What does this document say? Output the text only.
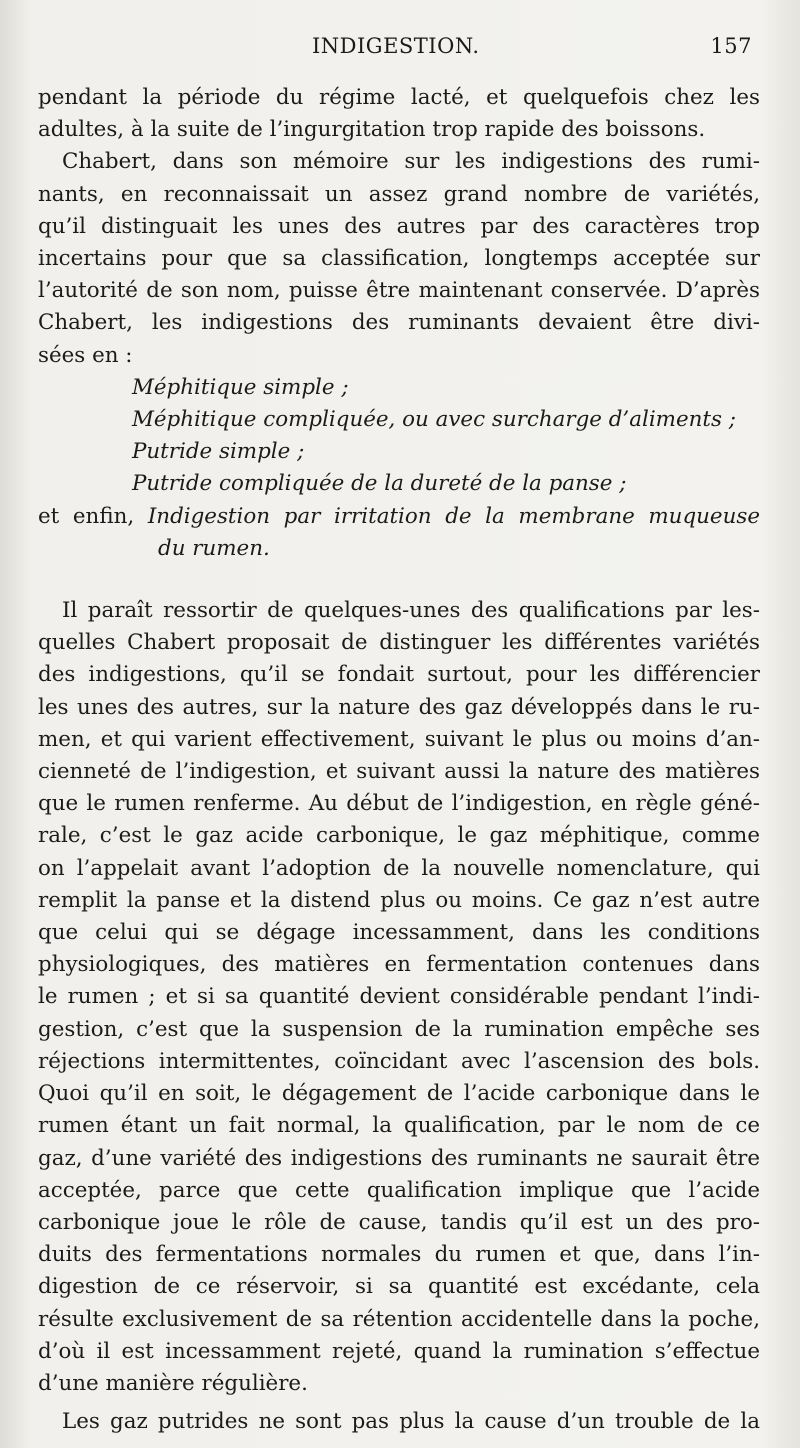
INDIGESTION.	157
pendant la période du régime lacté, et quelquefois chez les
adultes, à la suite de l’ingurgitation trop rapide des boissons.
Chabert, dans son mémoire sur les indigestions des rumi-
nants, en reconnaissait un assez grand nombre de variétés,
qu’il distinguait les unes des autres par des caractères trop
incertains pour que sa classification, longtemps acceptée sur
l’autorité de son nom, puisse être maintenant conservée. D’après
Chabert, les indigestions des ruminants devaient être divi-
sées en :
Méphitique simple ;
Méphitique compliquée, ou avec surcharge d’aliments ;
Putride simple ;
Putride compliquée de la dureté de la panse ;
et enfin, Indigestion par irritation de la membrane muqueuse
du rumen.
Il paraît ressortir de quelques-unes des qualifications par les-
quelles Chabert proposait de distinguer les différentes variétés
des indigestions, qu’il se fondait surtout, pour les différencier
les unes des autres, sur la nature des gaz développés dans le ru-
men, et qui varient effectivement, suivant le plus ou moins d’an-
cienneté de l’indigestion, et suivant aussi la nature des matières
que le rumen renferme. Au début de l’indigestion, en règle géné-
rale, c’est le gaz acide carbonique, le gaz méphitique, comme
on l’appelait avant l’adoption de la nouvelle nomenclature, qui
remplit la panse et la distend plus ou moins. Ce gaz n’est autre
que celui qui se dégage incessamment, dans les conditions
physiologiques, des matières en fermentation contenues dans
le rumen ; et si sa quantité devient considérable pendant l’indi-
gestion, c’est que la suspension de la rumination empêche ses
réjections intermittentes, coïncidant avec l’ascension des bols.
Quoi qu’il en soit, le dégagement de l’acide carbonique dans le
rumen étant un fait normal, la qualification, par le nom de ce
gaz, d’une variété des indigestions des ruminants ne saurait être
acceptée, parce que cette qualification implique que l’acide
carbonique joue le rôle de cause, tandis qu’il est un des pro-
duits des fermentations normales du rumen et que, dans l’in-
digestion de ce réservoir, si sa quantité est excédante, cela
résulte exclusivement de sa rétention accidentelle dans la poche,
d’où il est incessamment rejeté, quand la rumination s’effectue
d’une manière régulière.
Les gaz putrides ne sont pas plus la cause d’un trouble de la
